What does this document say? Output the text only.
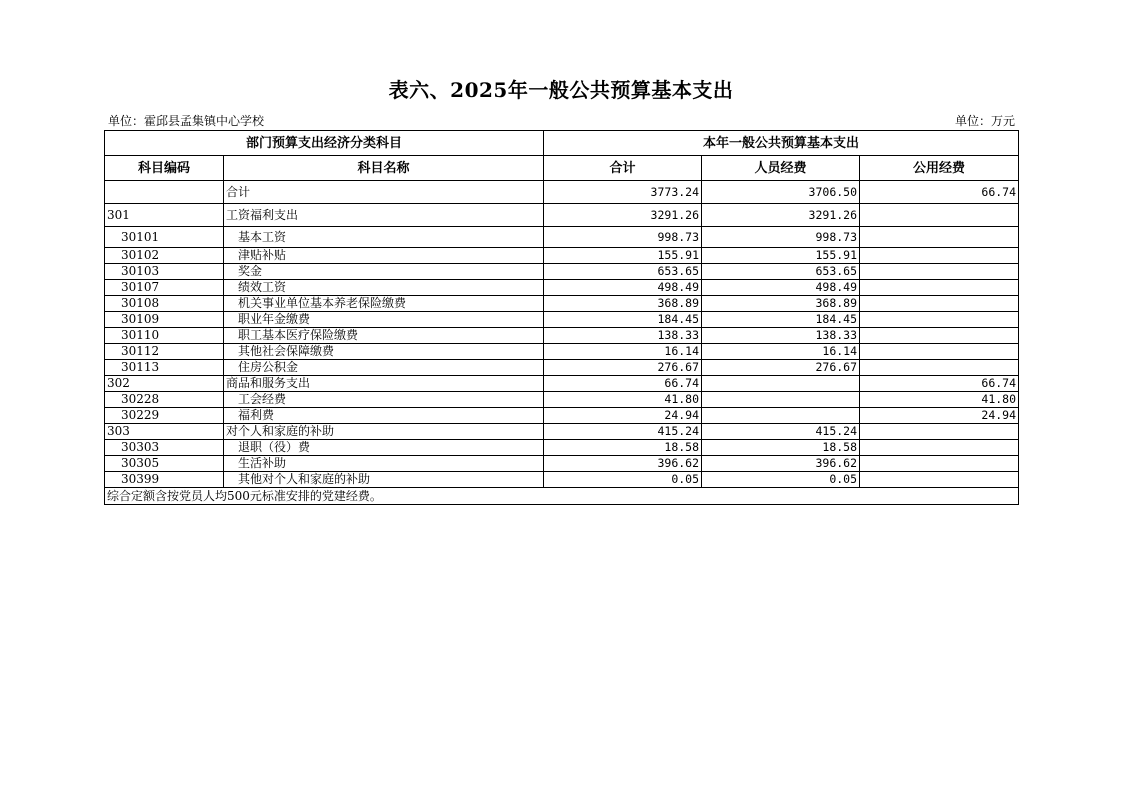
表六、2025年一般公共预算基本支出
单位：霍邱县孟集镇中心学校	单位：万元
部门预算支出经济分类科目		本年一般公共预算基本支出		
科目编码	科目名称	合计	人员经费	公用经费
	合计	3773.24	3706.50	66.74
301	工资福利支出	3291.26	3291.26	
30101	基本工资	998.73	998.73	
30102	津贴补贴	155.91	155.91	
30103	奖金	653.65	653.65	
30107	绩效工资	498.49	498.49	
30108	机关事业单位基本养老保险缴费	368.89	368.89	
30109	职业年金缴费	184.45	184.45	
30110	职工基本医疗保险缴费	138.33	138.33	
30112	其他社会保障缴费	16.14	16.14	
30113	住房公积金	276.67	276.67	
302	商品和服务支出	66.74		66.74
30228	工会经费	41.80		41.80
30229	福利费	24.94		24.94
303	对个人和家庭的补助	415.24	415.24	
30303	退职（役）费	18.58	18.58	
30305	生活补助	396.62	396.62	
30399	其他对个人和家庭的补助	0.05	0.05	
综合定额含按党员人均500元标准安排的党建经费。				
